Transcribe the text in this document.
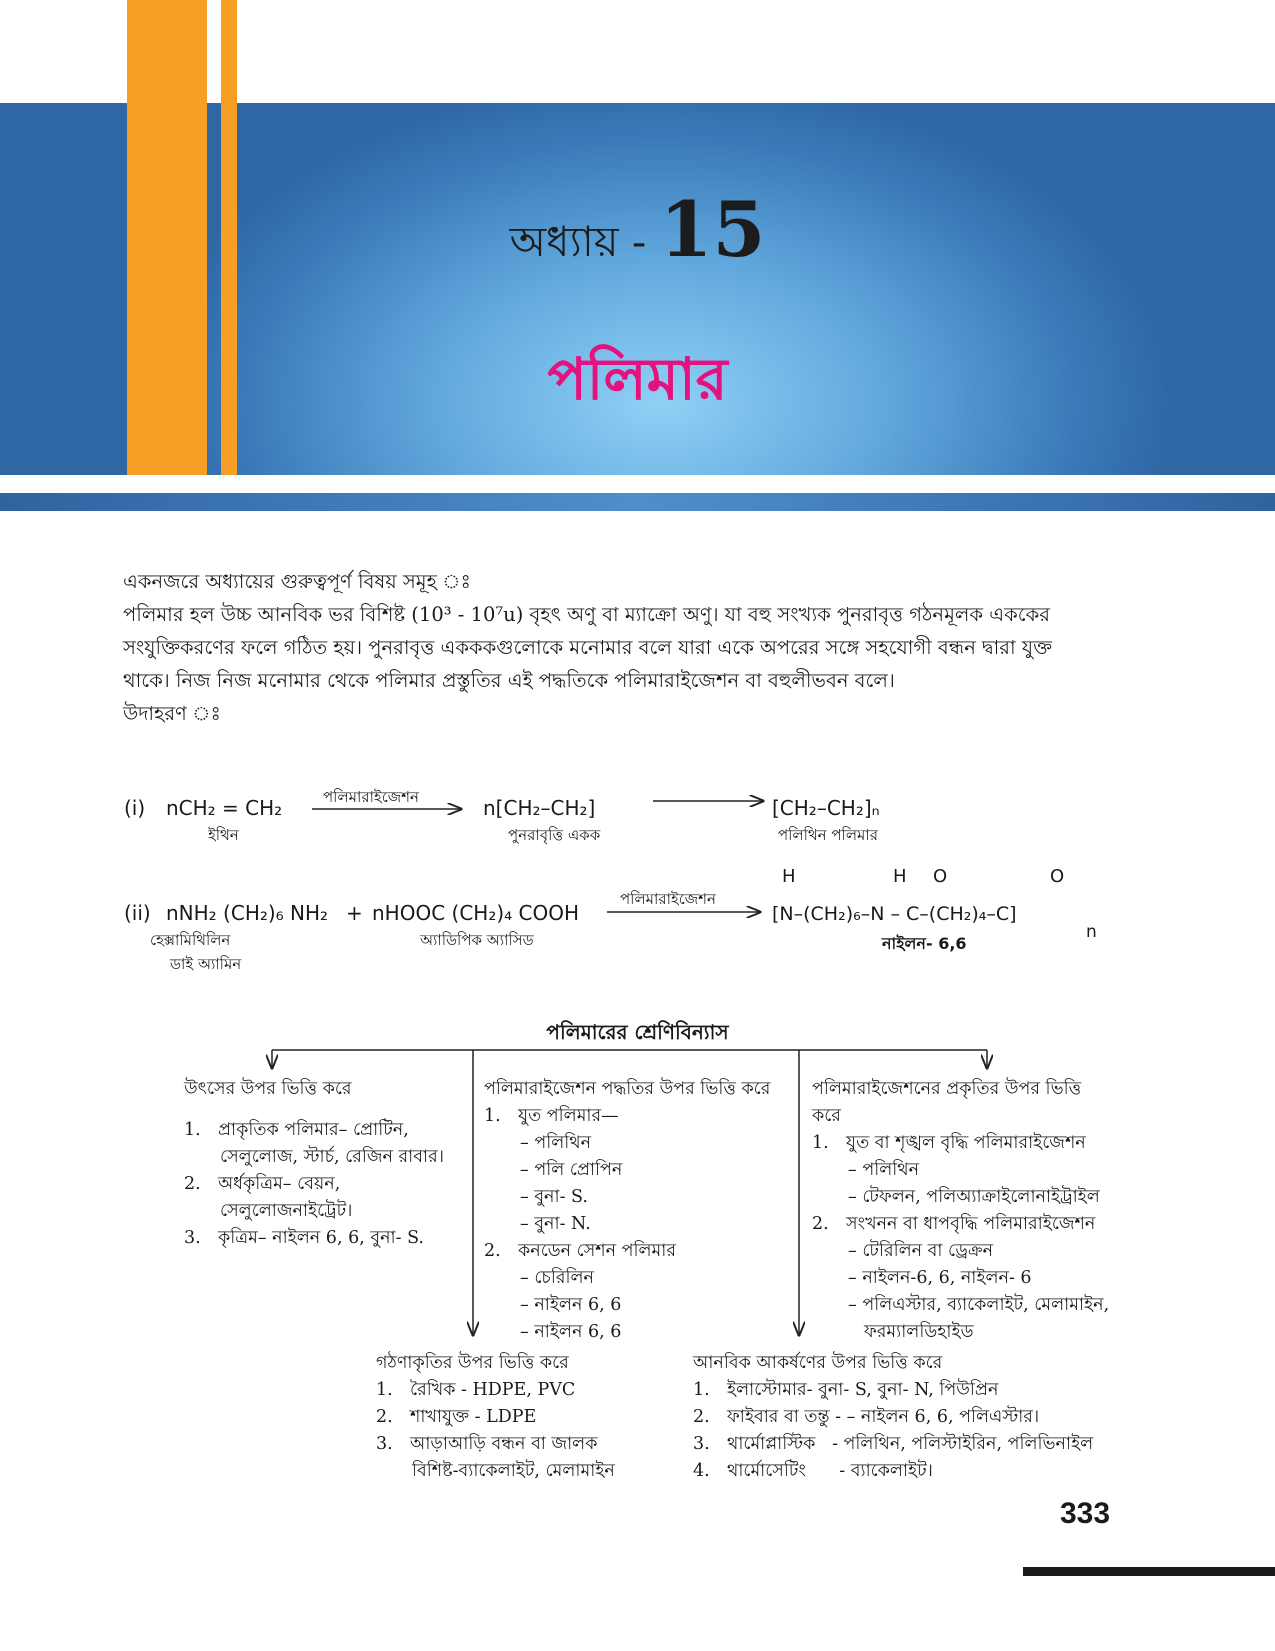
অধ্যায় - 15
পলিমার

একনজরে অধ্যায়ের গুরুত্বপূর্ণ বিষয় সমূহ ঃ

পলিমার হল উচ্চ আনবিক ভর বিশিষ্ট (10³ - 10⁷u) বৃহৎ অণু বা ম্যাক্রো অণু। যা বহু সংখ্যক পুনরাবৃত্ত গঠনমূলক এককের

সংযুক্তিকরণের ফলে গঠিত হয়। পুনরাবৃত্ত একককগুলোকে মনোমার বলে যারা একে অপরের সঙ্গে সহযোগী বন্ধন দ্বারা যুক্ত

থাকে। নিজ নিজ মনোমার থেকে পলিমার প্রস্তুতির এই পদ্ধতিকে পলিমারাইজেশন বা বহুলীভবন বলে।

উদাহরণ ঃ

(i) nCH₂ = CH₂
ইথিন
পলিমারাইজেশন	n[CH₂–CH₂]
পুনরাবৃত্তি একক
[CH₂–CH₂]ₙ
পলিথিন পলিমার
(ii) nNH₂ (CH₂)₆ NH₂ + nHOOC (CH₂)₄ COOH
হেক্সামিথিলিন
ডাই অ্যামিন
অ্যাডিপিক অ্যাসিড
পলিমারাইজেশন
H	H O	O
[N–(CH₂)₆–N – C–(CH₂)₄–C]
n
নাইলন- 6,6
পলিমারের শ্রেণিবিন্যাস
উৎসের উপর ভিত্তি করে
1. প্রাকৃতিক পলিমার– প্রোটিন,
সেলুলোজ, স্টার্চ, রেজিন রাবার।
2. অর্ধকৃত্রিম– বেয়ন,
সেলুলোজনাইট্রেট।
3. কৃত্রিম– নাইলন 6, 6, বুনা- S.
পলিমারাইজেশন পদ্ধতির উপর ভিত্তি করে
1. যুত পলিমার—
– পলিথিন
– পলি প্রোপিন
– বুনা- S.
– বুনা- N.
2. কনডেন সেশন পলিমার
– চেরিলিন
– নাইলন 6, 6
– নাইলন 6, 6
পলিমারাইজেশনের প্রকৃতির উপর ভিত্তি করে
1. যুত বা শৃঙ্খল বৃদ্ধি পলিমারাইজেশন
– পলিথিন
– টেফলন, পলিঅ্যাক্রাইলোনাইট্রাইল
2. সংখনন বা ধাপবৃদ্ধি পলিমারাইজেশন
– টেরিলিন বা ড্রেক্রন
– নাইলন-6, 6, নাইলন- 6
– পলিএস্টার, ব্যাকেলাইট, মেলামাইন,
ফরম্যালডিহাইড
গঠণাকৃতির উপর ভিত্তি করে
1. রৈখিক - HDPE, PVC
2. শাখাযুক্ত - LDPE
3. আড়াআড়ি বন্ধন বা জালক
বিশিষ্ট-ব্যাকেলাইট, মেলামাইন
আনবিক আকর্ষণের উপর ভিত্তি করে
1. ইলাস্টোমার- বুনা- S, বুনা- N, পিউপ্রিন
2. ফাইবার বা তন্তু - – নাইলন 6, 6, পলিএস্টার।
3. থার্মোপ্লাস্টিক   - পলিথিন, পলিস্টাইরিন, পলিভিনাইল
4. থার্মোসেটিং      - ব্যাকেলাইট।
333
